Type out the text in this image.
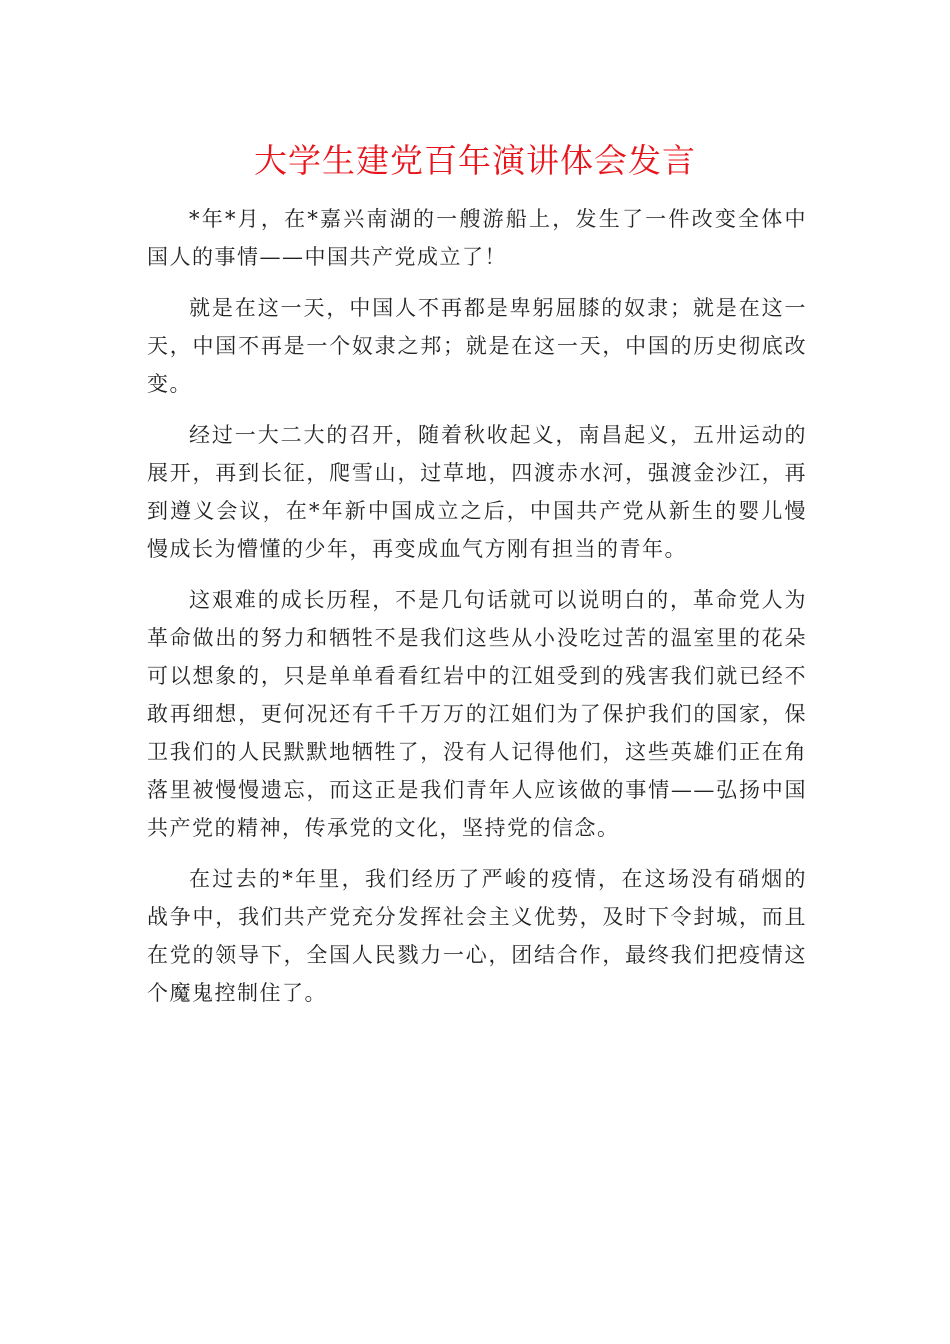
大学生建党百年演讲体会发言

*年*月，在*嘉兴南湖的一艘游船上，发生了一件改变全体中国人的事情——中国共产党成立了！

就是在这一天，中国人不再都是卑躬屈膝的奴隶；就是在这一天，中国不再是一个奴隶之邦；就是在这一天，中国的历史彻底改变。

经过一大二大的召开，随着秋收起义，南昌起义，五卅运动的展开，再到长征，爬雪山，过草地，四渡赤水河，强渡金沙江，再到遵义会议，在*年新中国成立之后，中国共产党从新生的婴儿慢慢成长为懵懂的少年，再变成血气方刚有担当的青年。

这艰难的成长历程，不是几句话就可以说明白的，革命党人为革命做出的努力和牺牲不是我们这些从小没吃过苦的温室里的花朵可以想象的，只是单单看看红岩中的江姐受到的残害我们就已经不敢再细想，更何况还有千千万万的江姐们为了保护我们的国家，保卫我们的人民默默地牺牲了，没有人记得他们，这些英雄们正在角落里被慢慢遗忘，而这正是我们青年人应该做的事情——弘扬中国共产党的精神，传承党的文化，坚持党的信念。

在过去的*年里，我们经历了严峻的疫情，在这场没有硝烟的战争中，我们共产党充分发挥社会主义优势，及时下令封城，而且在党的领导下，全国人民戮力一心，团结合作，最终我们把疫情这个魔鬼控制住了。
